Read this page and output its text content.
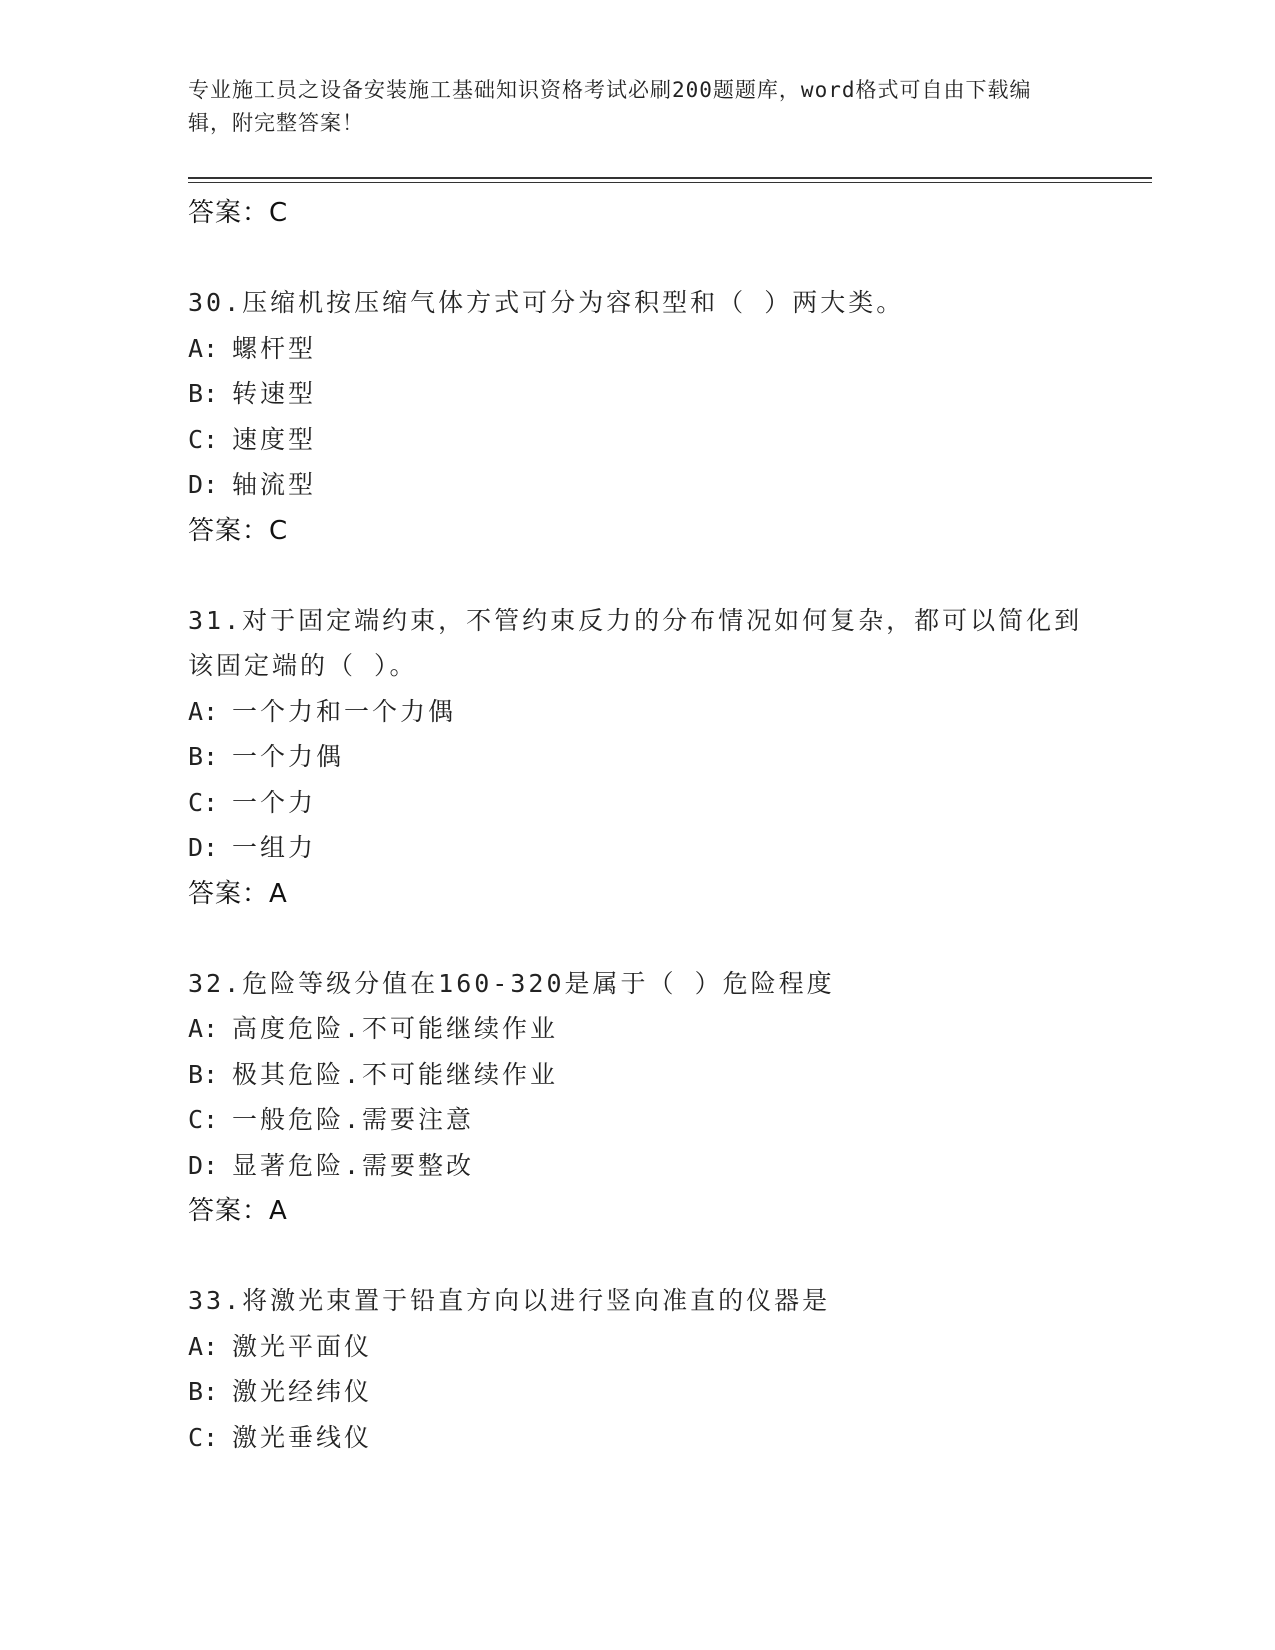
专业施工员之设备安装施工基础知识资格考试必刷200题题库，word格式可自由下载编辑，附完整答案！
答案：C
30.压缩机按压缩气体方式可分为容积型和（ ）两大类。
A: 螺杆型
B: 转速型
C: 速度型
D: 轴流型
答案：C
31.对于固定端约束，不管约束反力的分布情况如何复杂，都可以简化到该固定端的（ ）。
A: 一个力和一个力偶
B: 一个力偶
C: 一个力
D: 一组力
答案：A
32.危险等级分值在160-320是属于（ ）危险程度
A: 高度危险.不可能继续作业
B: 极其危险.不可能继续作业
C: 一般危险.需要注意
D: 显著危险.需要整改
答案：A
33.将激光束置于铅直方向以进行竖向准直的仪器是
A: 激光平面仪
B: 激光经纬仪
C: 激光垂线仪
